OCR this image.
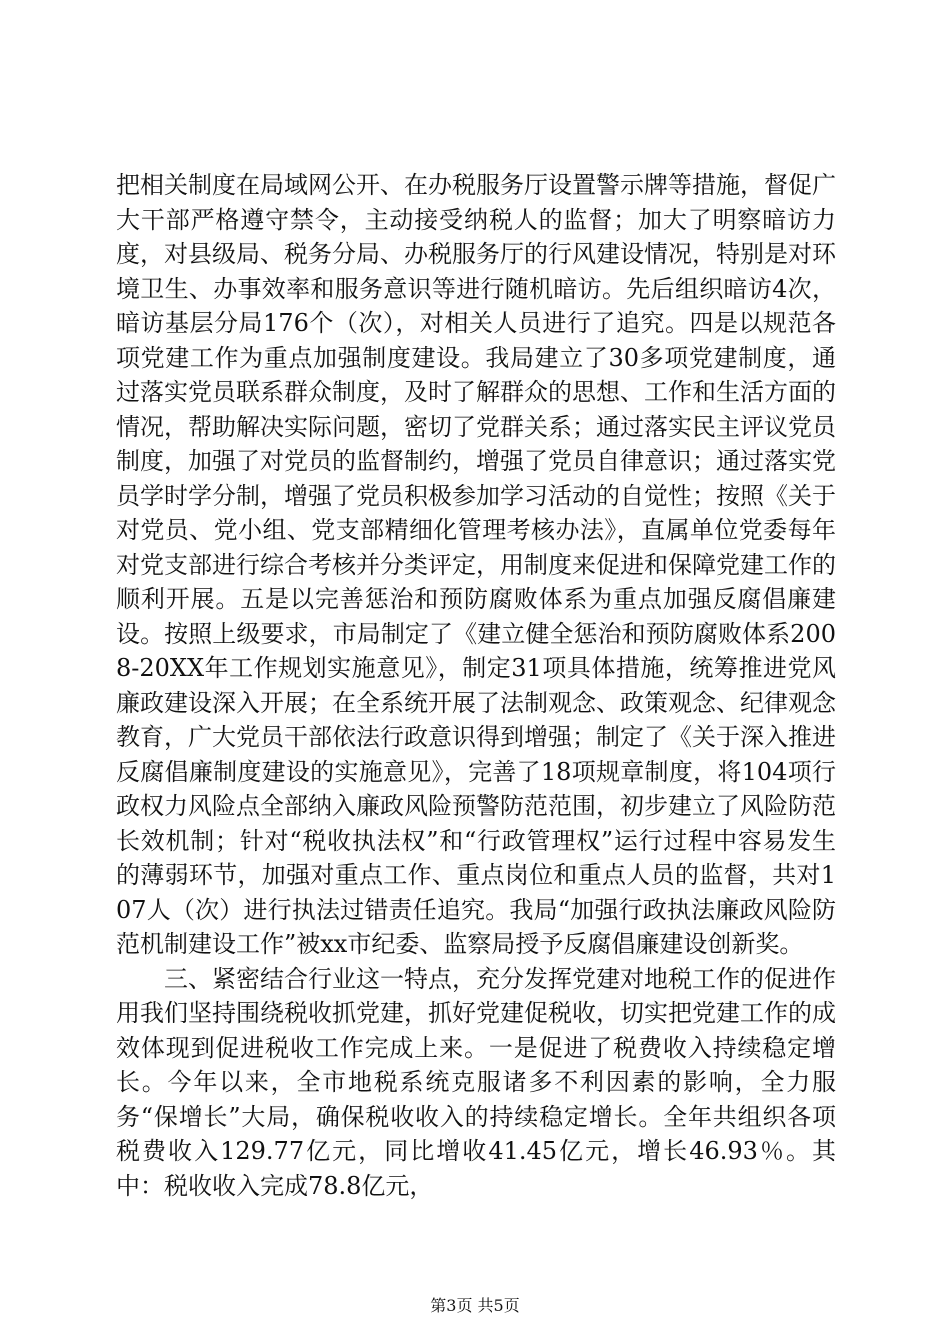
把相关制度在局域网公开、在办税服务厅设置警示牌等措施，督促广大干部严格遵守禁令，主动接受纳税人的监督；加大了明察暗访力度，对县级局、税务分局、办税服务厅的行风建设情况，特别是对环境卫生、办事效率和服务意识等进行随机暗访。先后组织暗访4次，暗访基层分局176个（次），对相关人员进行了追究。四是以规范各项党建工作为重点加强制度建设。我局建立了30多项党建制度，通过落实党员联系群众制度，及时了解群众的思想、工作和生活方面的情况，帮助解决实际问题，密切了党群关系；通过落实民主评议党员制度，加强了对党员的监督制约，增强了党员自律意识；通过落实党员学时学分制，增强了党员积极参加学习活动的自觉性；按照《关于对党员、党小组、党支部精细化管理考核办法》，直属单位党委每年对党支部进行综合考核并分类评定，用制度来促进和保障党建工作的顺利开展。五是以完善惩治和预防腐败体系为重点加强反腐倡廉建设。按照上级要求，市局制定了《建立健全惩治和预防腐败体系2008-20XX年工作规划实施意见》，制定31项具体措施，统筹推进党风廉政建设深入开展；在全系统开展了法制观念、政策观念、纪律观念教育，广大党员干部依法行政意识得到增强；制定了《关于深入推进反腐倡廉制度建设的实施意见》，完善了18项规章制度，将104项行政权力风险点全部纳入廉政风险预警防范范围，初步建立了风险防范长效机制；针对“税收执法权”和“行政管理权”运行过程中容易发生的薄弱环节，加强对重点工作、重点岗位和重点人员的监督，共对107人（次）进行执法过错责任追究。我局“加强行政执法廉政风险防范机制建设工作”被xx市纪委、监察局授予反腐倡廉建设创新奖。

三、紧密结合行业这一特点，充分发挥党建对地税工作的促进作用我们坚持围绕税收抓党建，抓好党建促税收，切实把党建工作的成效体现到促进税收工作完成上来。一是促进了税费收入持续稳定增长。今年以来，全市地税系统克服诸多不利因素的影响，全力服务“保增长”大局，确保税收收入的持续稳定增长。全年共组织各项税费收入129.77亿元，同比增收41.45亿元，增长46.93％。其中：税收收入完成78.8亿元，

第3页 共5页
